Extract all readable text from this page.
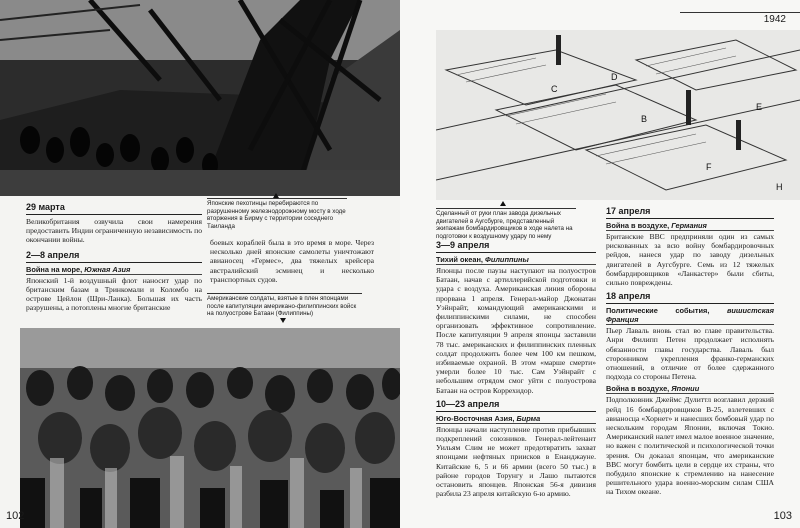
Японские пехотинцы перебираются по разрушенному железнодорожному мосту в ходе вторжения в Бирму с территории соседнего Таиланда
29 марта

Великобритания озвучила свои намерения предоставить Индии ограниченную независимость по окончании войны.

2—8 апреля
Война на море, Южная Азия

Японский 1-й воздушный флот наносит удар по британским базам в Тринкомали и Коломбо на острове Цейлон (Шри-Ланка). Большая их часть разрушены, а потоплены многие британские

боевых кораблей была в это время в море. Через несколько дней японские самолеты уничтожают авианосец «Гермес», два тяжелых крейсера австралийский эсминец и несколько транспортных судов.

Американские солдаты, взятые в плен японцами после капитуляции американо-филиппинских войск на полуострове Батаан (Филиппины)
102
1942
C
B
E
F
H
D
Сделанный от руки план завода дизельных двигателей в Аугсбурге, представленный экипажам бомбардировщиков в ходе налета на подготовки к воздушному удару по нему
3—9 апреля
Тихий океан, Филиппины

Японцы после паузы наступают на полуостров Батаан, начав с артиллерийской подготовки и удара с воздуха. Американская линия обороны прорвана 1 апреля. Генерал-майор Джонатан Уэйнрайт, командующий американскими и филиппинскими силами, не способен организовать эффективное сопротивление. После капитуляции 9 апреля японцы заставили 78 тыс. американских и филиппинских пленных солдат продолжить более чем 100 км пешком, избиваемые охраной. В этом «марше смерти» умерли более 10 тыс. Сам Уэйнрайт с небольшим отрядом смог уйти с полуострова Батаан на остров Коррехидор.

10—23 апреля
Юго-Восточная Азия, Бирма

Японцы начали наступление против прибывших подкреплений союзников. Генерал-лейтенант Уильям Слим не может предотвратить захват японцами нефтяных приисков в Енанджауне. Китайские 6, 5 и 66 армии (всего 50 тыс.) в районе городов Торунгу и Лашо пытаются остановить японцев. Японская 56-я дивизия разбила 23 апреля китайскую 6-ю армию.

17 апреля
Война в воздухе, Германия

Британские ВВС предприняли один из самых рискованных за всю войну бомбардировочных рейдов, нанеся удар по заводу дизельных двигателей в Аугсбурге. Семь из 12 тяжелых бомбардировщиков «Ланкастер» были сбиты, сильно повреждены.

18 апреля
Политические события, вишистская Франция

Пьер Лаваль вновь стал во главе правительства. Анри Филипп Петен продолжает исполнять обязанности главы государства. Лаваль был сторонником укрепления франко-германских отношений, в отличие от более сдержанного подхода со стороны Петена.

Война в воздухе, Японии

Подполковник Джеймс Дулиттл возглавил дерзкий рейд 16 бомбардировщиков B-25, взлетевших с авианосца «Хорнет» и нанесших бомбовый удар по нескольким городам Японии, включая Токио. Американский налет имел малое военное значение, но важен с политической и психологической точки зрения. Он доказал японцам, что американские ВВС могут бомбить цели в сердце их страны, что побудило японские к стремлению на нанесение решительного удара военно-морским силам США на Тихом океане.

103
